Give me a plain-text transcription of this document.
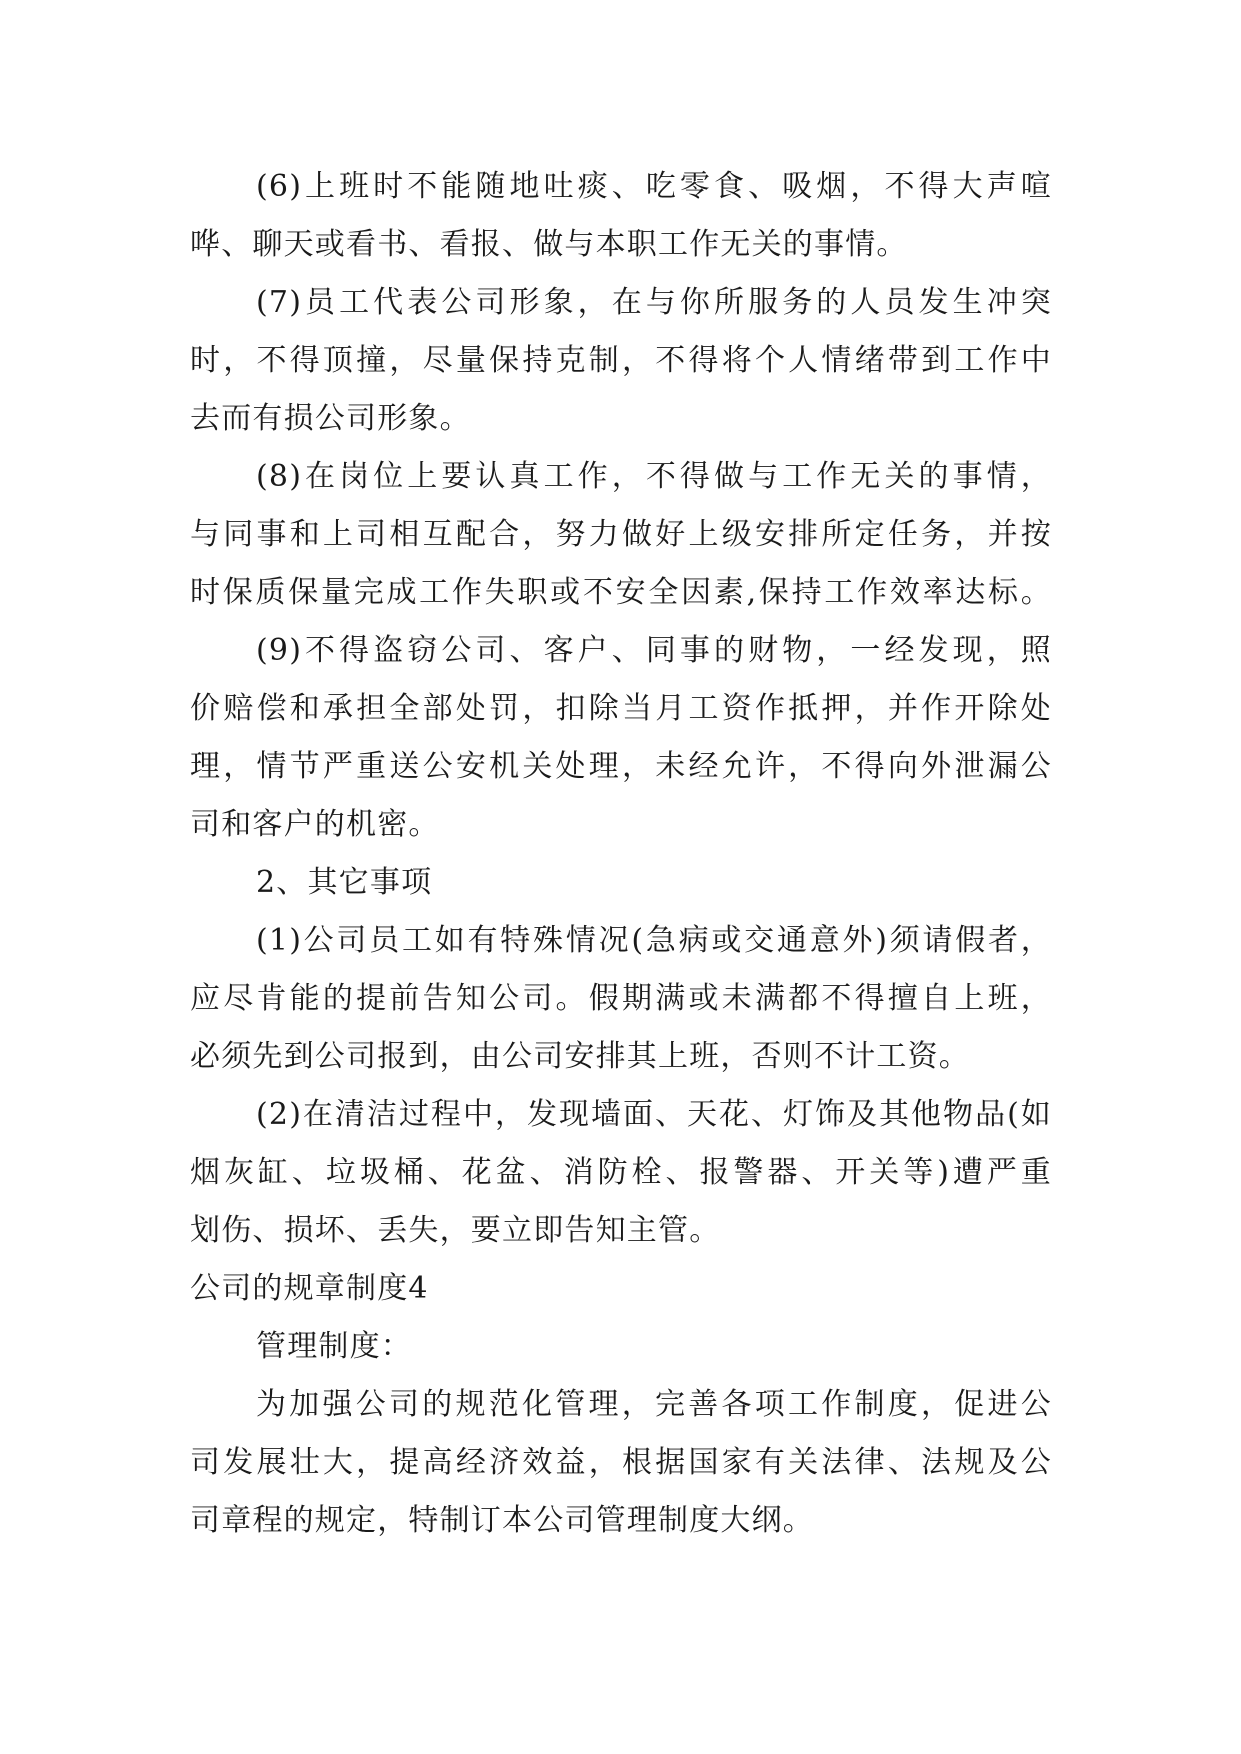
(6)上班时不能随地吐痰、吃零食、吸烟，不得大声喧
哗、聊天或看书、看报、做与本职工作无关的事情。
(7)员工代表公司形象，在与你所服务的人员发生冲突
时，不得顶撞，尽量保持克制，不得将个人情绪带到工作中
去而有损公司形象。
(8)在岗位上要认真工作，不得做与工作无关的事情，
与同事和上司相互配合，努力做好上级安排所定任务，并按
时保质保量完成工作失职或不安全因素,保持工作效率达标。
(9)不得盗窃公司、客户、同事的财物，一经发现，照
价赔偿和承担全部处罚，扣除当月工资作抵押，并作开除处
理，情节严重送公安机关处理，未经允许，不得向外泄漏公
司和客户的机密。
2、其它事项
(1)公司员工如有特殊情况(急病或交通意外)须请假者，
应尽肯能的提前告知公司。假期满或未满都不得擅自上班，
必须先到公司报到，由公司安排其上班，否则不计工资。
(2)在清洁过程中，发现墙面、天花、灯饰及其他物品(如
烟灰缸、垃圾桶、花盆、消防栓、报警器、开关等)遭严重
划伤、损坏、丢失，要立即告知主管。
公司的规章制度4
管理制度：
为加强公司的规范化管理，完善各项工作制度，促进公
司发展壮大，提高经济效益，根据国家有关法律、法规及公
司章程的规定，特制订本公司管理制度大纲。
